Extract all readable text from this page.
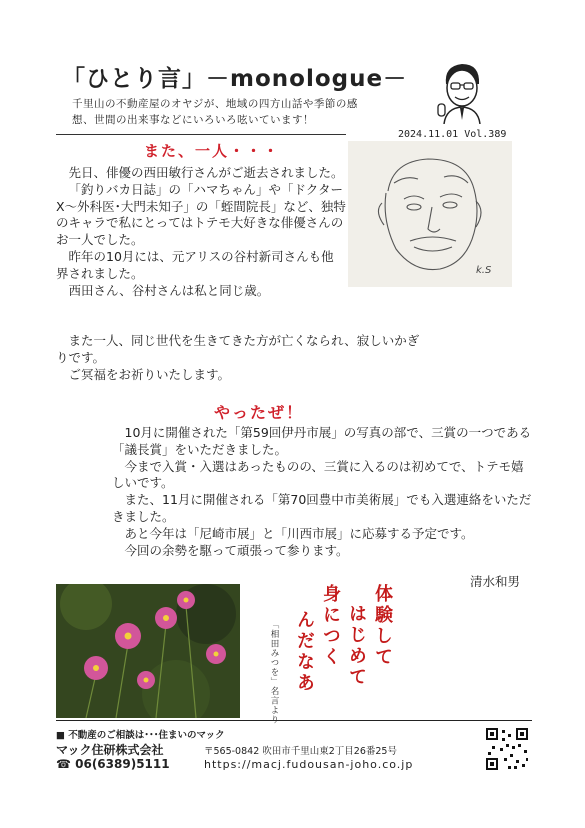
「ひとり言」－monologue－
千里山の不動産屋のオヤジが、地域の四方山話や季節の感想、世間の出来事などにいろいろ呟いています！
2024.11.01 Vol.389
k.S
また、一人・・・

先日、俳優の西田敏行さんがご逝去されました。

「釣りバカ日誌」の「ハマちゃん」や「ドクターX～外科医･大門未知子」の「蛭間院長」など、独特のキャラで私にとってはトテモ大好きな俳優さんのお一人でした。

昨年の10月には、元アリスの谷村新司さんも他界されました。

西田さん、谷村さんは私と同じ歳。

また一人、同じ世代を生きてきた方が亡くなられ、寂しいかぎりです。

ご冥福をお祈りいたします。

やったぜ！

10月に開催された「第59回伊丹市展」の写真の部で、三賞の一つである「議長賞」をいただきました。

今まで入賞・入選はあったものの、三賞に入るのは初めてで、トテモ嬉しいです。

また、11月に開催される「第70回豊中市美術展」でも入選連絡をいただきました。

あと今年は「尼崎市展」と「川西市展」に応募する予定です。

今回の余勢を駆って頑張って参ります。

清水和男
「相田みつを」名言より	体験して
はじめて
身につく
んだなあ
■ 不動産のご相談は･･･住まいのマック
マック住研株式会社	〒565-0842 吹田市千里山東2丁目26番25号
☎ 06(6389)5111	https://macj.fudousan-joho.co.jp
